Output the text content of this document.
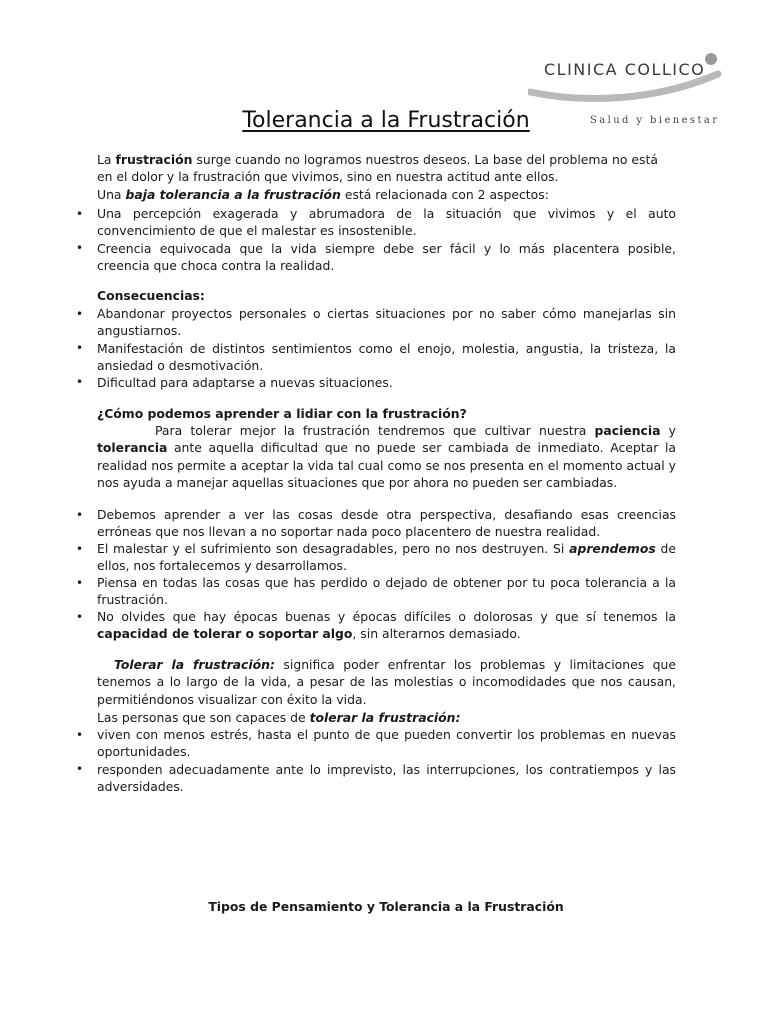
CLINICA COLLICO
Salud y bienestar
Tolerancia a la Frustración
La frustración surge cuando no logramos nuestros deseos. La base del problema no está
en el dolor y la frustración que vivimos, sino en nuestra actitud ante ellos.
Una baja tolerancia a la frustración está relacionada con 2 aspectos:
• Una percepción exagerada y abrumadora de la situación que vivimos y el auto convencimiento de que el malestar es insostenible.
• Creencia equivocada que la vida siempre debe ser fácil y lo más placentera posible, creencia que choca contra la realidad.
Consecuencias:
• Abandonar proyectos personales o ciertas situaciones por no saber cómo manejarlas sin angustiarnos.
• Manifestación de distintos sentimientos como el enojo, molestia, angustia, la tristeza, la ansiedad o desmotivación.
• Dificultad para adaptarse a nuevas situaciones.
¿Cómo podemos aprender a lidiar con la frustración?
Para tolerar mejor la frustración tendremos que cultivar nuestra paciencia y tolerancia ante aquella dificultad que no puede ser cambiada de inmediato. Aceptar la realidad nos permite a aceptar la vida tal cual como se nos presenta en el momento actual y nos ayuda a manejar aquellas situaciones que por ahora no pueden ser cambiadas.
• Debemos aprender a ver las cosas desde otra perspectiva, desafiando esas creencias erróneas que nos llevan a no soportar nada poco placentero de nuestra realidad.
• El malestar y el sufrimiento son desagradables, pero no nos destruyen. Si aprendemos de ellos, nos fortalecemos y desarrollamos.
• Piensa en todas las cosas que has perdido o dejado de obtener por tu poca tolerancia a la frustración.
• No olvides que hay épocas buenas y épocas difíciles o dolorosas y que sí tenemos la capacidad de tolerar o soportar algo, sin alterarnos demasiado.
Tolerar la frustración: significa poder enfrentar los problemas y limitaciones que tenemos a lo largo de la vida, a pesar de las molestias o incomodidades que nos causan, permitiéndonos visualizar con éxito la vida.
Las personas que son capaces de tolerar la frustración:
• viven con menos estrés, hasta el punto de que pueden convertir los problemas en nuevas oportunidades.
• responden adecuadamente ante lo imprevisto, las interrupciones, los contratiempos y las adversidades.
Tipos de Pensamiento y Tolerancia a la Frustración
